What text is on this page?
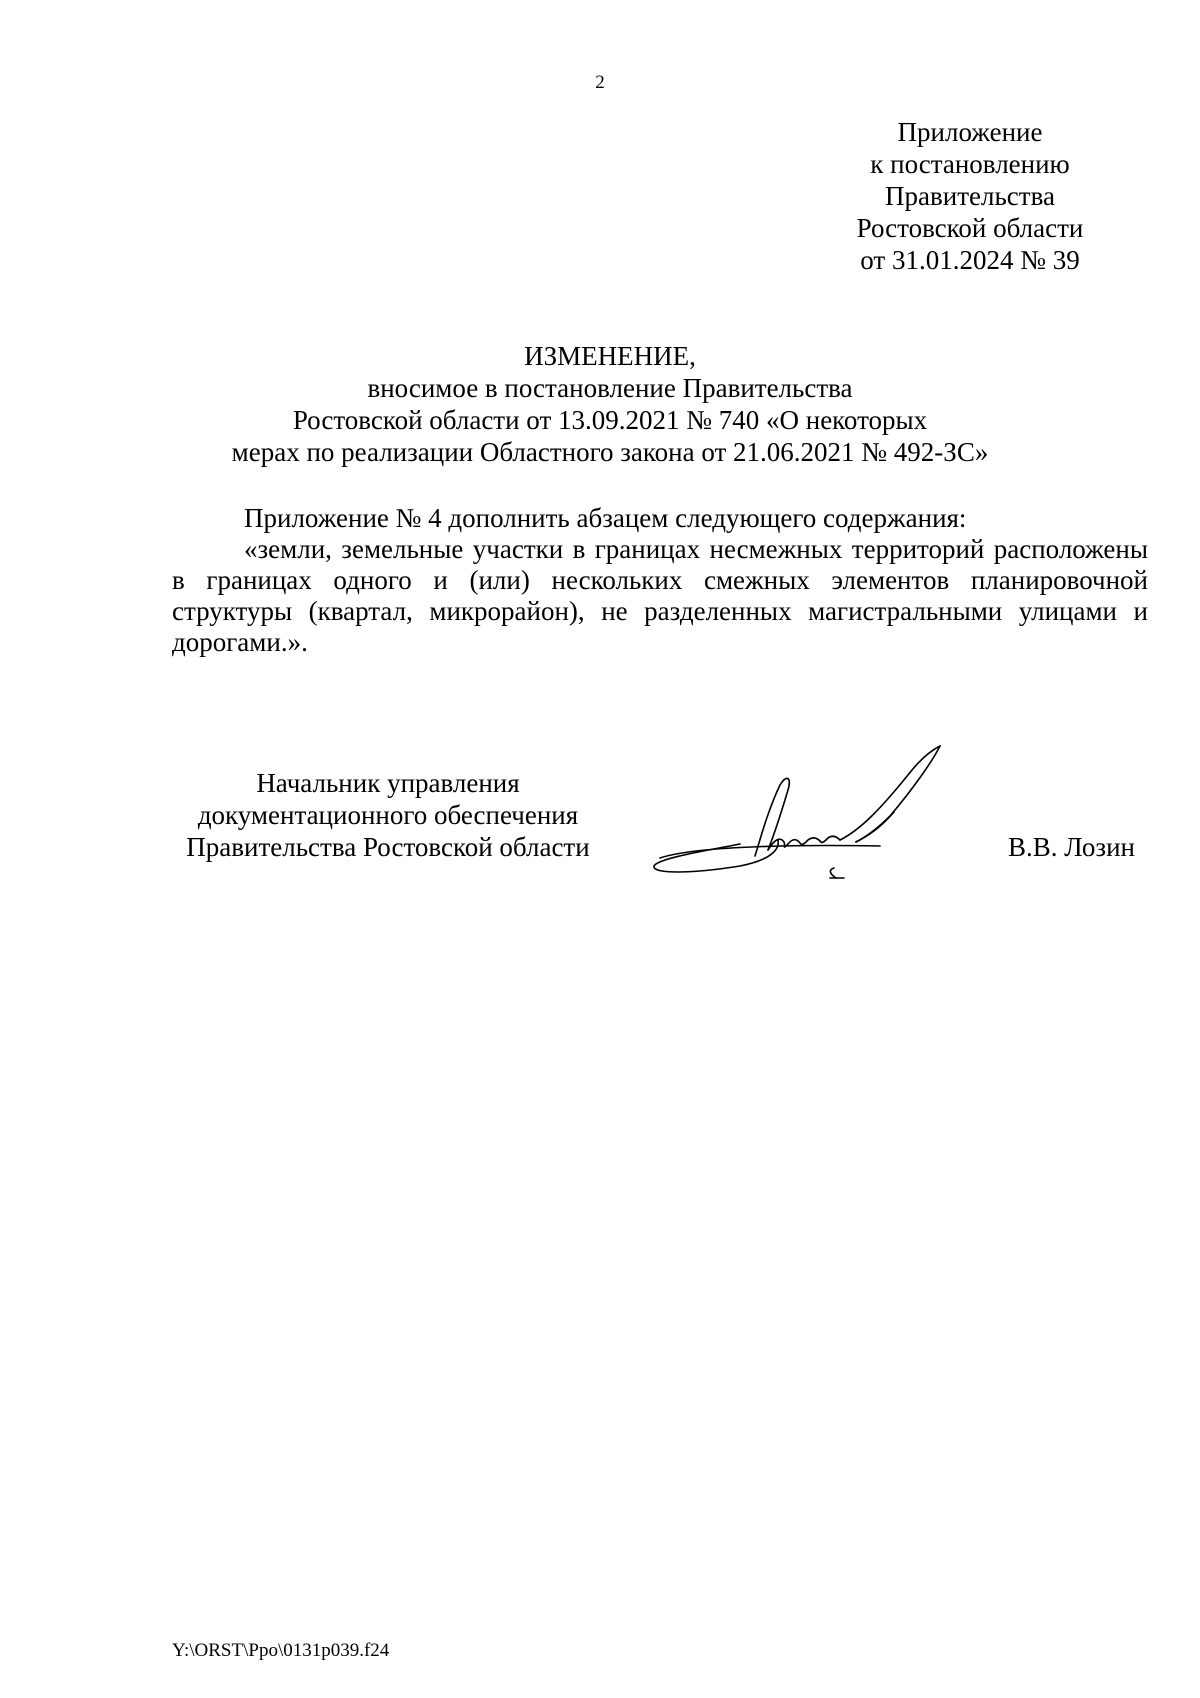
2
Приложение
к постановлению
Правительства
Ростовской области
от 31.01.2024 № 39
ИЗМЕНЕНИЕ,
вносимое в постановление Правительства
Ростовской области от 13.09.2021 № 740 «О некоторых
мерах по реализации Областного закона от 21.06.2021 № 492-ЗС»
Приложение № 4 дополнить абзацем следующего содержания:
«земли, земельные участки в границах несмежных территорий расположены в границах одного и (или) нескольких смежных элементов планировочной структуры (квартал, микрорайон), не разделенных магистральными улицами и дорогами.».
Начальник управления
документационного обеспечения
Правительства Ростовской области	В.В. Лозин
Y:\ORST\Ppo\0131p039.f24
